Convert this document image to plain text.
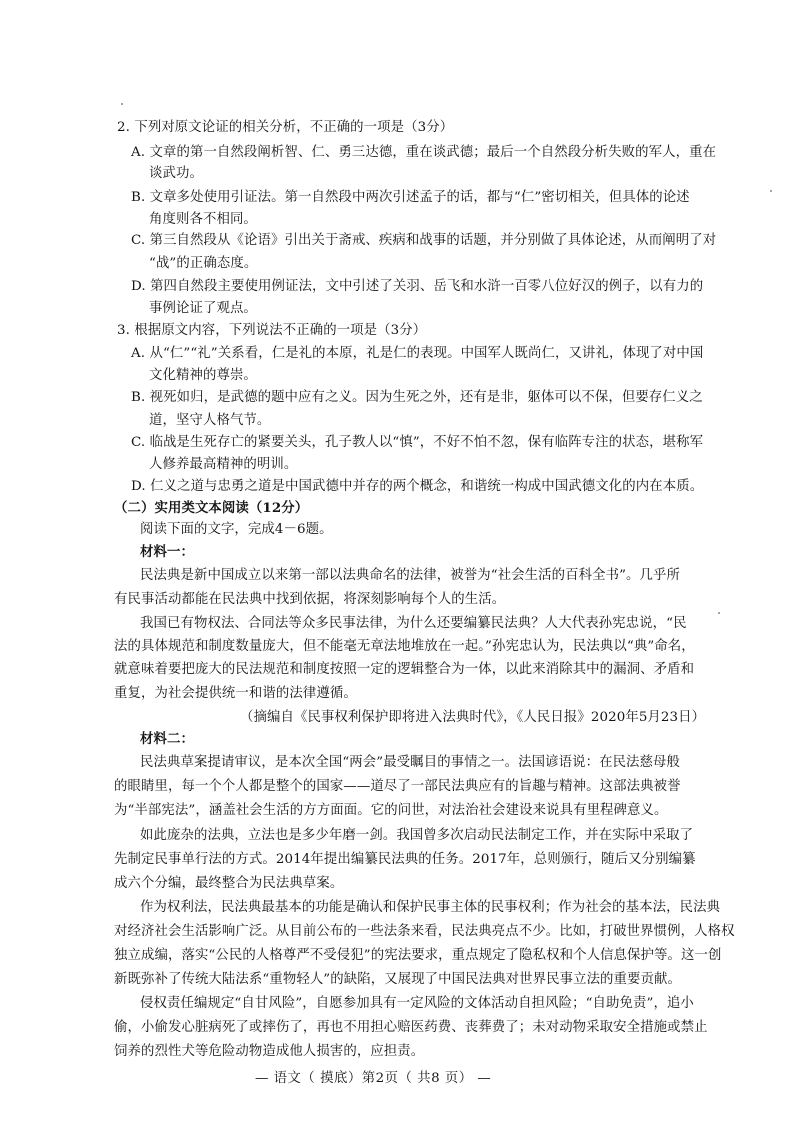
2. 下列对原文论证的相关分析，不正确的一项是（3分）
A. 文章的第一自然段阐析智、仁、勇三达德，重在谈武德；最后一个自然段分析失败的军人，重在
谈武功。
B. 文章多处使用引证法。第一自然段中两次引述孟子的话，都与“仁”密切相关，但具体的论述
角度则各不相同。
C. 第三自然段从《论语》引出关于斋戒、疾病和战事的话题，并分别做了具体论述，从而阐明了对
“战”的正确态度。
D. 第四自然段主要使用例证法，文中引述了关羽、岳飞和水浒一百零八位好汉的例子，以有力的
事例论证了观点。
3. 根据原文内容，下列说法不正确的一项是（3分）
A. 从“仁”“礼”关系看，仁是礼的本原，礼是仁的表现。中国军人既尚仁，又讲礼，体现了对中国
文化精神的尊崇。
B. 视死如归，是武德的题中应有之义。因为生死之外，还有是非，躯体可以不保，但要存仁义之
道，坚守人格气节。
C. 临战是生死存亡的紧要关头，孔子教人以“慎”，不好不怕不忽，保有临阵专注的状态，堪称军
人修养最高精神的明训。
D. 仁义之道与忠勇之道是中国武德中并存的两个概念，和谐统一构成中国武德文化的内在本质。
（二）实用类文本阅读（12分）
阅读下面的文字，完成4－6题。
材料一：
民法典是新中国成立以来第一部以法典命名的法律，被誉为“社会生活的百科全书”。几乎所
有民事活动都能在民法典中找到依据，将深刻影响每个人的生活。
我国已有物权法、合同法等众多民事法律，为什么还要编纂民法典？人大代表孙宪忠说，“民
法的具体规范和制度数量庞大，但不能毫无章法地堆放在一起。”孙宪忠认为，民法典以“典”命名，
就意味着要把庞大的民法规范和制度按照一定的逻辑整合为一体，以此来消除其中的漏洞、矛盾和
重复，为社会提供统一和谐的法律遵循。
（摘编自《民事权利保护即将进入法典时代》，《人民日报》2020年5月23日）
材料二：
民法典草案提请审议，是本次全国“两会”最受瞩目的事情之一。法国谚语说：在民法慈母般
的眼睛里，每一个个人都是整个的国家——道尽了一部民法典应有的旨趣与精神。这部法典被誉
为“半部宪法”，涵盖社会生活的方方面面。它的问世，对法治社会建设来说具有里程碑意义。
如此庞杂的法典，立法也是多少年磨一剑。我国曾多次启动民法制定工作，并在实际中采取了
先制定民事单行法的方式。2014年提出编纂民法典的任务。2017年，总则颁行，随后又分别编纂
成六个分编，最终整合为民法典草案。
作为权利法，民法典最基本的功能是确认和保护民事主体的民事权利；作为社会的基本法，民法典
对经济社会生活影响广泛。从目前公布的一些法条来看，民法典亮点不少。比如，打破世界惯例，人格权
独立成编，落实“公民的人格尊严不受侵犯”的宪法要求，重点规定了隐私权和个人信息保护等。这一创
新既弥补了传统大陆法系“重物轻人”的缺陷，又展现了中国民法典对世界民事立法的重要贡献。
侵权责任编规定“自甘风险”，自愿参加具有一定风险的文体活动自担风险；“自助免责”，追小
偷，小偷发心脏病死了或摔伤了，再也不用担心赔医药费、丧葬费了；未对动物采取安全措施或禁止
饲养的烈性犬等危险动物造成他人损害的，应担责。
— 语文（ 摸底）第2页（ 共8 页） —
